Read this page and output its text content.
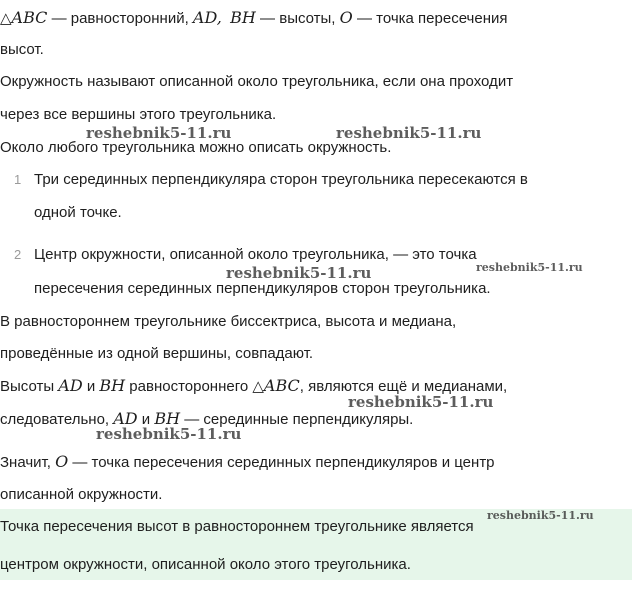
△ABC — равносторонний, AD, BH — высоты, O — точка пересечения
высот.
Окружность называют описанной около треугольника, если она проходит
через все вершины этого треугольника.
Около любого треугольника можно описать окружность.
1 Три серединных перпендикуляра сторон треугольника пересекаются в
одной точке.
2 Центр окружности, описанной около треугольника, — это точка
пересечения серединных перпендикуляров сторон треугольника.
В равностороннем треугольнике биссектриса, высота и медиана,
проведённые из одной вершины, совпадают.
Высоты AD и BH равностороннего △ABC, являются ещё и медианами,
следовательно, AD и BH — серединные перпендикуляры.
Значит, O — точка пересечения серединных перпендикуляров и центр
описанной окружности.
Точка пересечения высот в равностороннем треугольнике является
центром окружности, описанной около этого треугольника.
reshebnik5-11.ru	reshebnik5-11.ru
reshebnik5-11.ru	reshebnik5-11.ru
reshebnik5-11.ru
reshebnik5-11.ru
reshebnik5-11.ru
